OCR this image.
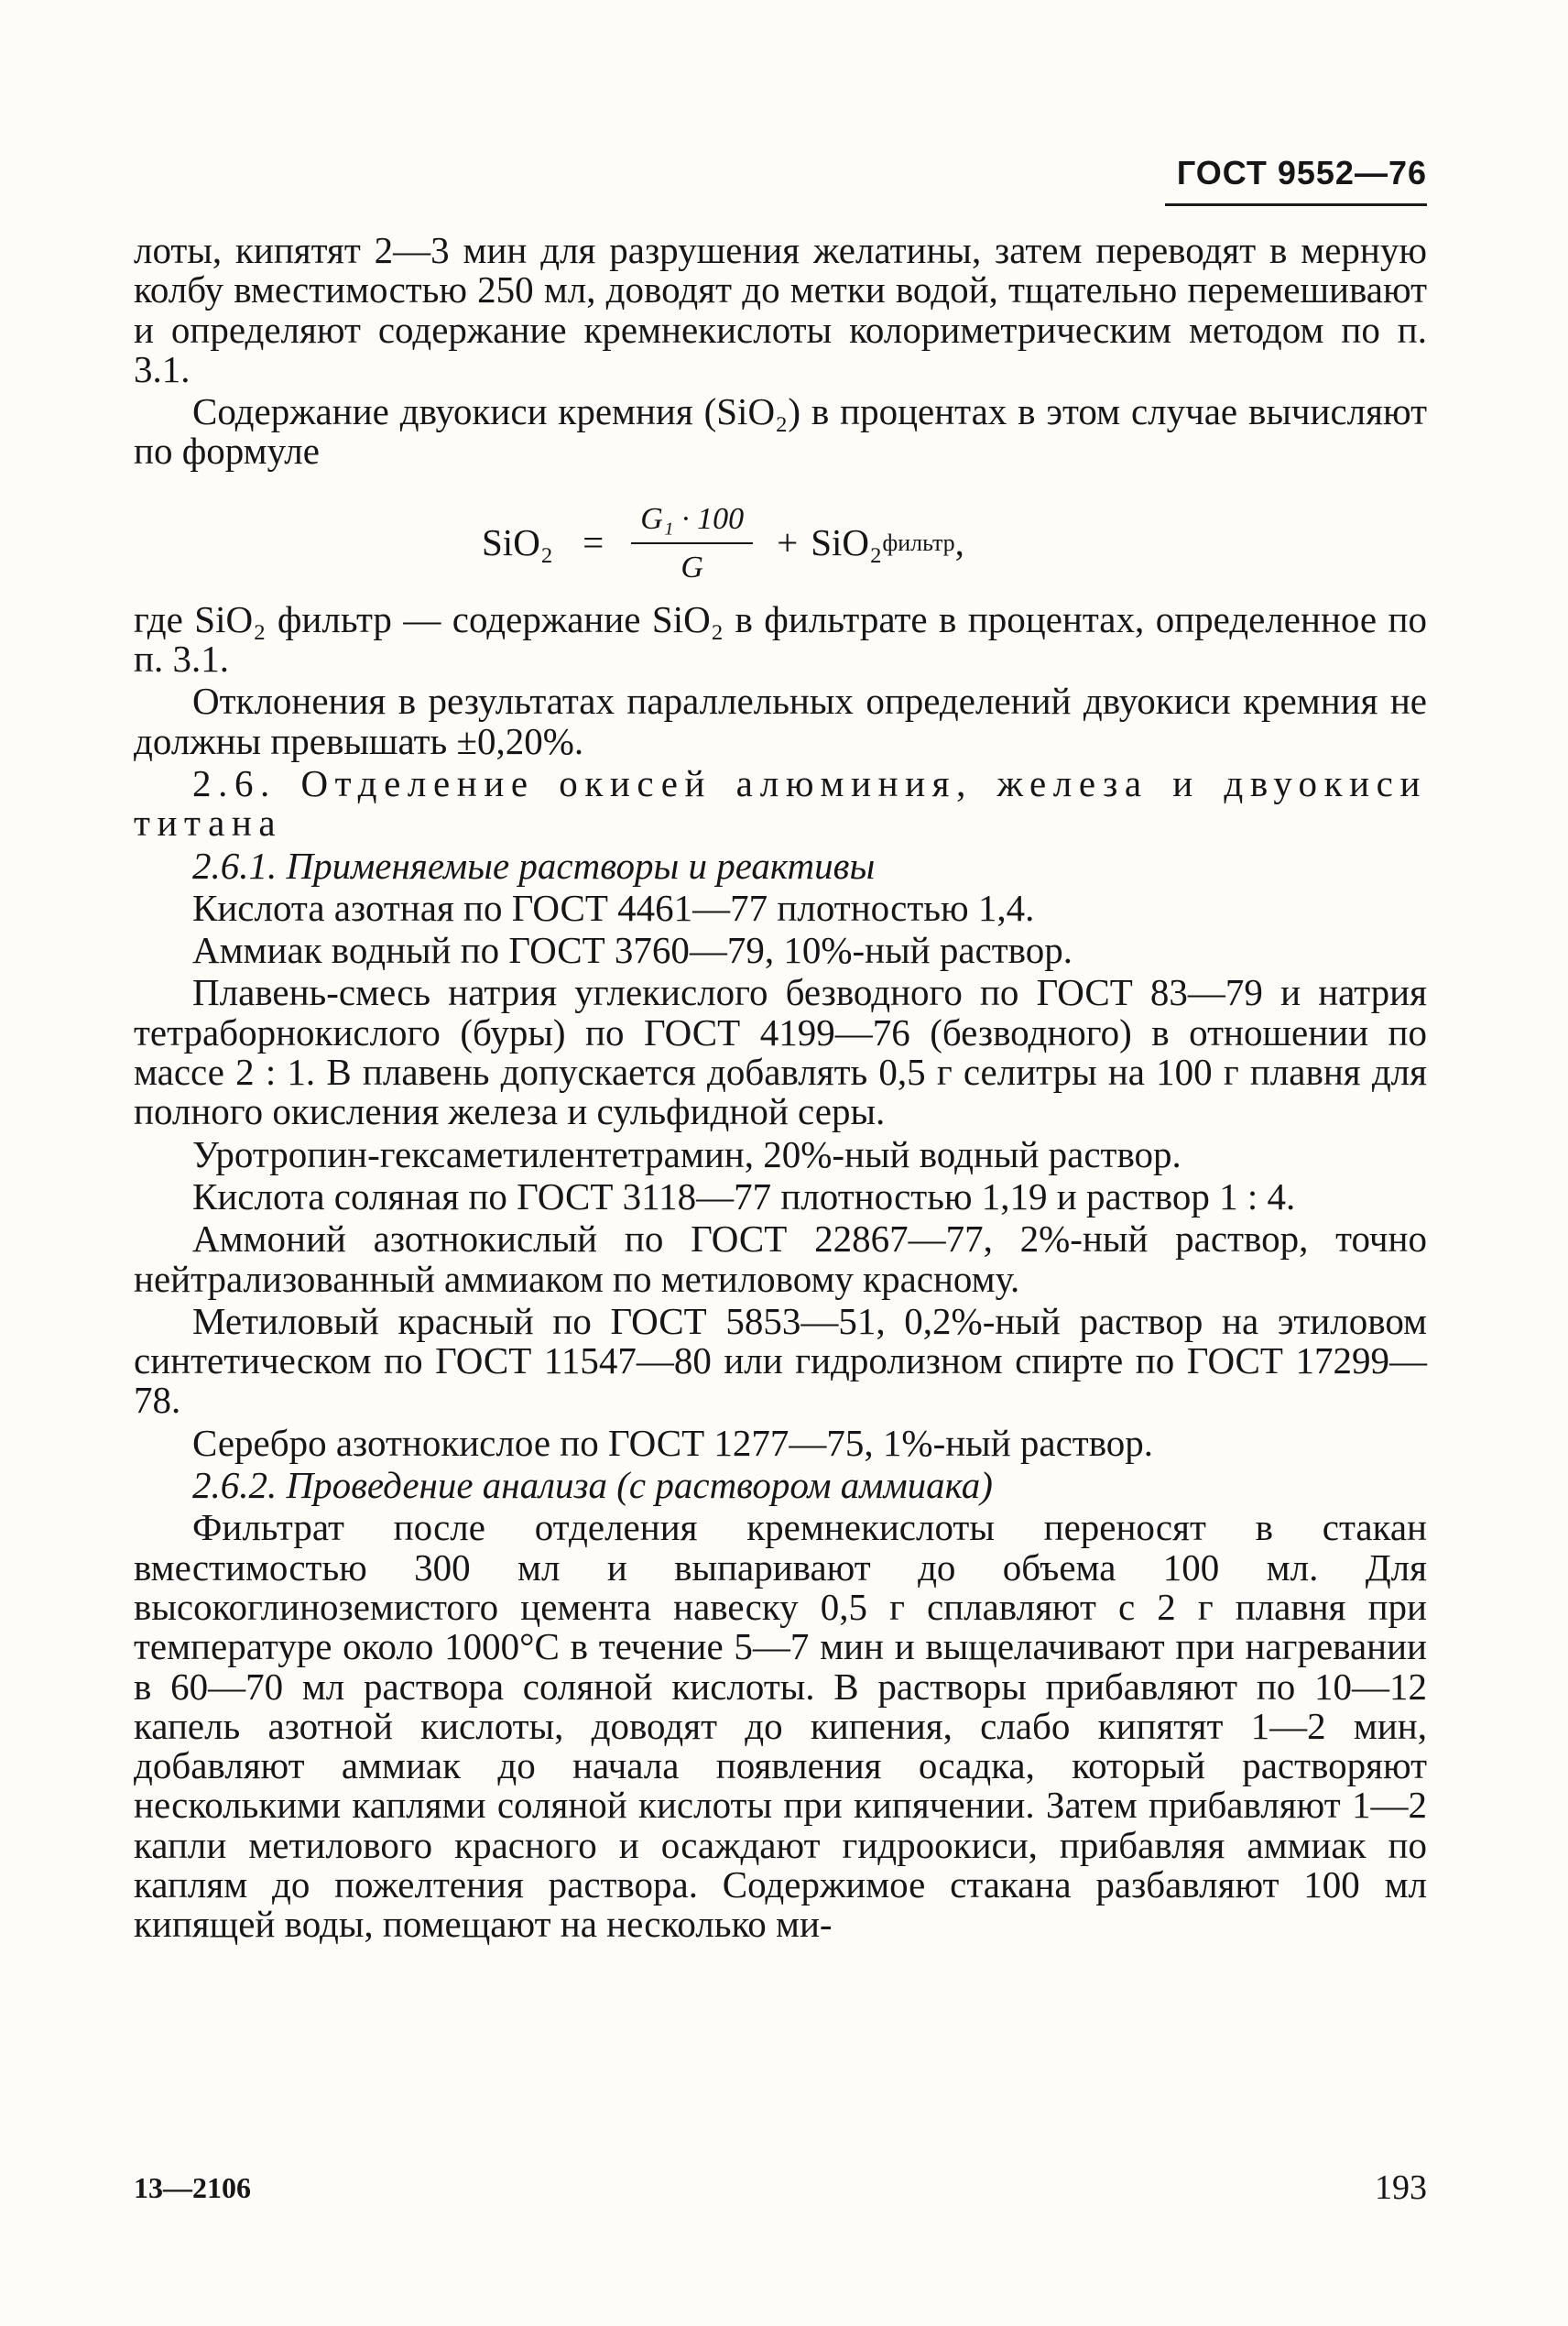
ГОСТ 9552—76

лоты, кипятят 2—3 мин для разрушения желатины, затем переводят в мерную колбу вместимостью 250 мл, доводят до метки водой, тщательно перемешивают и определяют содержание кремнекислоты колориметрическим методом по п. 3.1.

Содержание двуокиси кремния (SiO₂) в процентах в этом случае вычисляют по формуле

$SiO_2 = \frac{\text{G₁ · 100}}{G} + SiO_2$ фильтр ,

где SiO₂ фильтр — содержание SiO₂ в фильтрате в процентах, определенное по п. 3.1.

Отклонения в результатах параллельных определений двуокиси кремния не должны превышать ±0,20%.

2.6. Отделение окисей алюминия, железа и двуокиси титана

2.6.1. Применяемые растворы и реактивы

Кислота азотная по ГОСТ 4461—77 плотностью 1,4.

Аммиак водный по ГОСТ 3760—79, 10%-ный раствор.

Плавень-смесь натрия углекислого безводного по ГОСТ 83—79 и натрия тетраборнокислого (буры) по ГОСТ 4199—76 (безводного) в отношении по массе 2 : 1. В плавень допускается добавлять 0,5 г селитры на 100 г плавня для полного окисления железа и сульфидной серы.

Уротропин-гексаметилентетрамин, 20%-ный водный раствор.

Кислота соляная по ГОСТ 3118—77 плотностью 1,19 и раствор 1 : 4.

Аммоний азотнокислый по ГОСТ 22867—77, 2%-ный раствор, точно нейтрализованный аммиаком по метиловому красному.

Метиловый красный по ГОСТ 5853—51, 0,2%-ный раствор на этиловом синтетическом по ГОСТ 11547—80 или гидролизном спирте по ГОСТ 17299—78.

Серебро азотнокислое по ГОСТ 1277—75, 1%-ный раствор.

2.6.2. Проведение анализа (с раствором аммиака)

Фильтрат после отделения кремнекислоты переносят в стакан вместимостью 300 мл и выпаривают до объема 100 мл. Для высокоглиноземистого цемента навеску 0,5 г сплавляют с 2 г плавня при температуре около 1000°С в течение 5—7 мин и выщелачивают при нагревании в 60—70 мл раствора соляной кислоты. В растворы прибавляют по 10—12 капель азотной кислоты, доводят до кипения, слабо кипятят 1—2 мин, добавляют аммиак до начала появления осадка, который растворяют несколькими каплями соляной кислоты при кипячении. Затем прибавляют 1—2 капли метилового красного и осаждают гидроокиси, прибавляя аммиак по каплям до пожелтения раствора. Содержимое стакана разбавляют 100 мл кипящей воды, помещают на несколько ми-

13—2106	193
